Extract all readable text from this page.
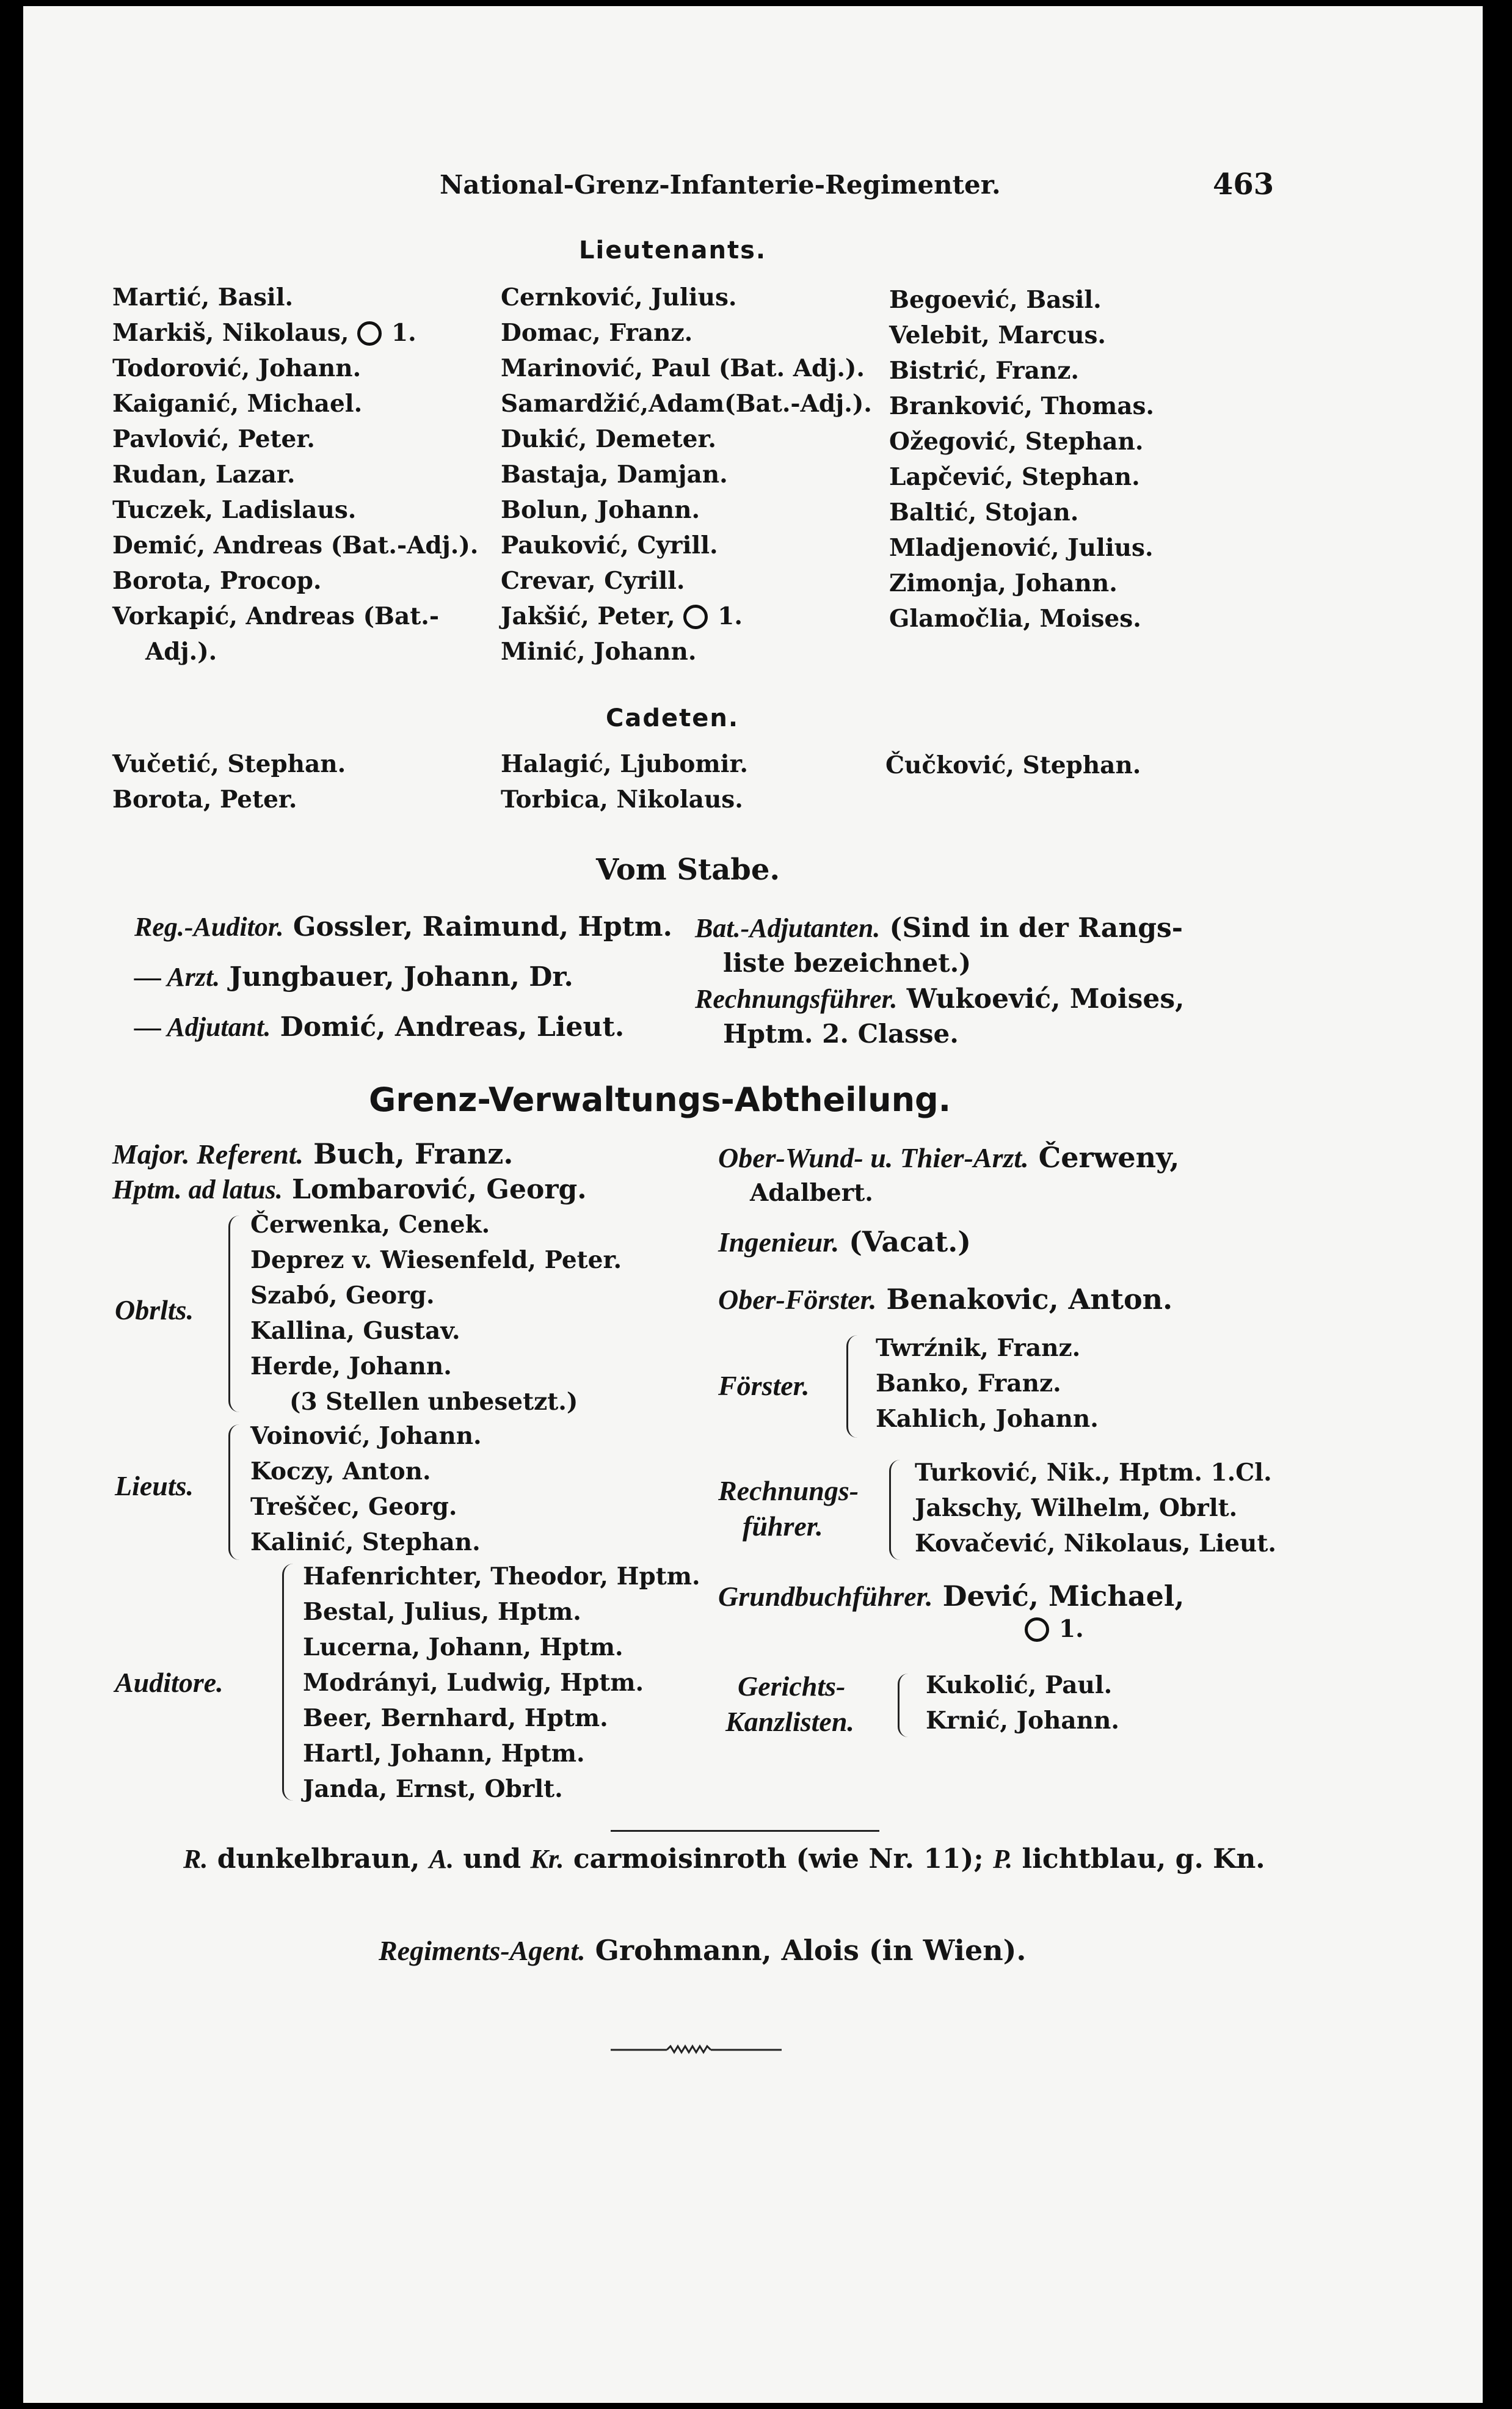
National-Grenz-Infanterie-Regimenter.	463
Lieutenants.
Martić, Basil.
Markiš, Nikolaus, 1.
Todorović, Johann.
Kaiganić, Michael.
Pavlović, Peter.
Rudan, Lazar.
Tuczek, Ladislaus.
Demić, Andreas (Bat.-Adj.).
Borota, Procop.
Vorkapić, Andreas (Bat.-
Adj.).
Cernković, Julius.
Domac, Franz.
Marinović, Paul (Bat. Adj.).
Samardžić,Adam(Bat.-Adj.).
Dukić, Demeter.
Bastaja, Damjan.
Bolun, Johann.
Pauković, Cyrill.
Crevar, Cyrill.
Jakšić, Peter, 1.
Minić, Johann.
Begoević, Basil.
Velebit, Marcus.
Bistrić, Franz.
Branković, Thomas.
Ožegović, Stephan.
Lapčević, Stephan.
Baltić, Stojan.
Mladjenović, Julius.
Zimonja, Johann.
Glamočlia, Moises.
Cadeten.
Vučetić, Stephan.
Borota, Peter.
Halagić, Ljubomir.
Torbica, Nikolaus.
Čučković, Stephan.
Vom Stabe.
Reg.-Auditor. Gossler, Raimund, Hptm.
— Arzt. Jungbauer, Johann, Dr.
— Adjutant. Domić, Andreas, Lieut.
Bat.-Adjutanten. (Sind in der Rangs-
liste bezeichnet.)
Rechnungsführer. Wukoević, Moises,
Hptm. 2. Classe.
Grenz-Verwaltungs-Abtheilung.
Major. Referent. Buch, Franz.
Hptm. ad latus. Lombarović, Georg.
Obrlts.
Čerwenka, Cenek.
Deprez v. Wiesenfeld, Peter.
Szabó, Georg.
Kallina, Gustav.
Herde, Johann.
(3 Stellen unbesetzt.)
Lieuts.
Voinović, Johann.
Koczy, Anton.
Treščec, Georg.
Kalinić, Stephan.
Auditore.
Hafenrichter, Theodor, Hptm.
Bestal, Julius, Hptm.
Lucerna, Johann, Hptm.
Modrányi, Ludwig, Hptm.
Beer, Bernhard, Hptm.
Hartl, Johann, Hptm.
Janda, Ernst, Obrlt.
Ober-Wund- u. Thier-Arzt. Čerweny,
Adalbert.
Ingenieur. (Vacat.)
Ober-Förster. Benakovic, Anton.
Förster.
Twrźnik, Franz.
Banko, Franz.
Kahlich, Johann.
Rechnungs-
führer.
Turković, Nik., Hptm. 1.Cl.
Jakschy, Wilhelm, Obrlt.
Kovačević, Nikolaus, Lieut.
Grundbuchführer. Dević, Michael,
1.
Gerichts-
Kanzlisten.
Kukolić, Paul.
Krnić, Johann.
R. dunkelbraun, A. und Kr. carmoisinroth (wie Nr. 11); P. lichtblau, g. Kn.
Regiments-Agent. Grohmann, Alois (in Wien).
